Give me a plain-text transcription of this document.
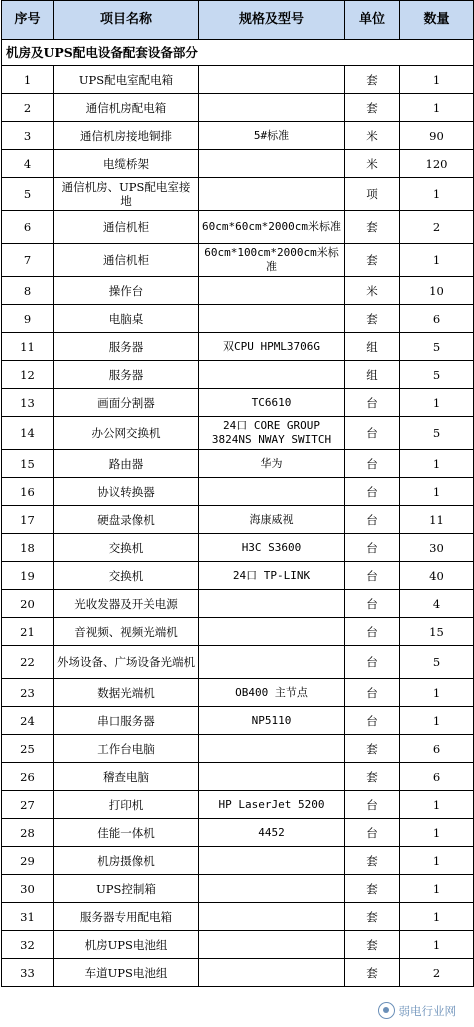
序号	项目名称	规格及型号	单位	数量
机房及UPS配电设备配套设备部分				
1	UPS配电室配电箱		套	1
2	通信机房配电箱		套	1
3	通信机房接地铜排	5#标准	米	90
4	电缆桥架		米	120
5	通信机房、UPS配电室接地		项	1
6	通信机柜	60cm*60cm*2000cm米标准	套	2
7	通信机柜	60cm*100cm*2000cm米标准	套	1
8	操作台		米	10
9	电脑桌		套	6
11	服务器	双CPU HPML3706G	组	5
12	服务器		组	5
13	画面分割器	TC6610	台	1
14	办公网交换机	24口 CORE GROUP 3824NS NWAY SWITCH	台	5
15	路由器	华为	台	1
16	协议转换器		台	1
17	硬盘录像机	海康威视	台	11
18	交换机	H3C S3600	台	30
19	交换机	24口 TP-LINK	台	40
20	光收发器及开关电源		台	4
21	音视频、视频光端机		台	15
22	外场设备、广场设备光端机		台	5
23	数据光端机	OB400 主节点	台	1
24	串口服务器	NP5110	台	1
25	工作台电脑		套	6
26	稽查电脑		套	6
27	打印机	HP LaserJet 5200	台	1
28	佳能一体机	4452	台	1
29	机房摄像机		套	1
30	UPS控制箱		套	1
31	服务器专用配电箱		套	1
32	机房UPS电池组		套	1
33	车道UPS电池组		套	2
弱电行业网
